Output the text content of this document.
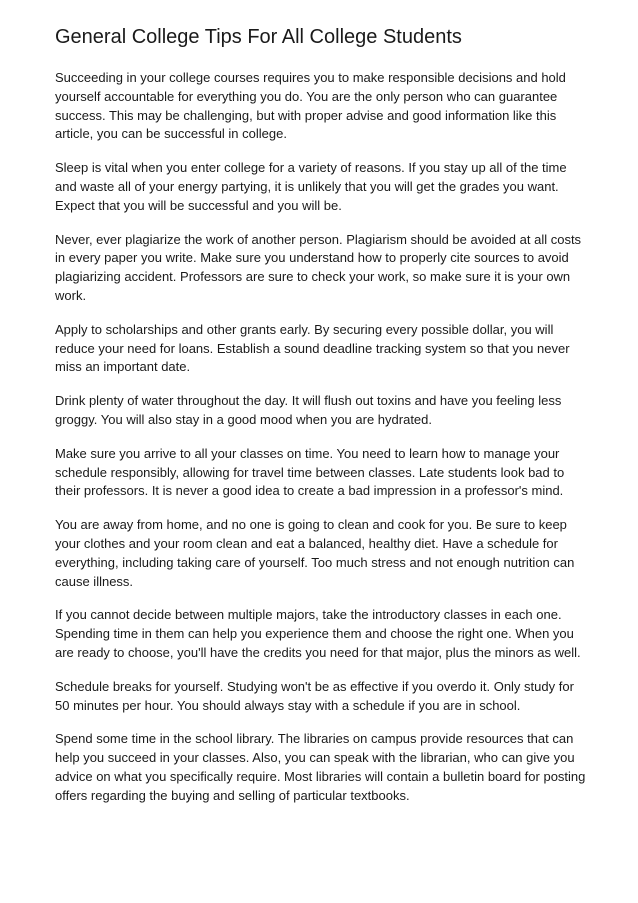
General College Tips For All College Students

Succeeding in your college courses requires you to make responsible decisions and hold yourself accountable for everything you do. You are the only person who can guarantee success. This may be challenging, but with proper advise and good information like this article, you can be successful in college.

Sleep is vital when you enter college for a variety of reasons. If you stay up all of the time and waste all of your energy partying, it is unlikely that you will get the grades you want. Expect that you will be successful and you will be.

Never, ever plagiarize the work of another person. Plagiarism should be avoided at all costs in every paper you write. Make sure you understand how to properly cite sources to avoid plagiarizing accident. Professors are sure to check your work, so make sure it is your own work.

Apply to scholarships and other grants early. By securing every possible dollar, you will reduce your need for loans. Establish a sound deadline tracking system so that you never miss an important date.

Drink plenty of water throughout the day. It will flush out toxins and have you feeling less groggy. You will also stay in a good mood when you are hydrated.

Make sure you arrive to all your classes on time. You need to learn how to manage your schedule responsibly, allowing for travel time between classes. Late students look bad to their professors. It is never a good idea to create a bad impression in a professor's mind.

You are away from home, and no one is going to clean and cook for you. Be sure to keep your clothes and your room clean and eat a balanced, healthy diet. Have a schedule for everything, including taking care of yourself. Too much stress and not enough nutrition can cause illness.

If you cannot decide between multiple majors, take the introductory classes in each one. Spending time in them can help you experience them and choose the right one. When you are ready to choose, you'll have the credits you need for that major, plus the minors as well.

Schedule breaks for yourself. Studying won't be as effective if you overdo it. Only study for 50 minutes per hour. You should always stay with a schedule if you are in school.

Spend some time in the school library. The libraries on campus provide resources that can help you succeed in your classes. Also, you can speak with the librarian, who can give you advice on what you specifically require. Most libraries will contain a bulletin board for posting offers regarding the buying and selling of particular textbooks.
